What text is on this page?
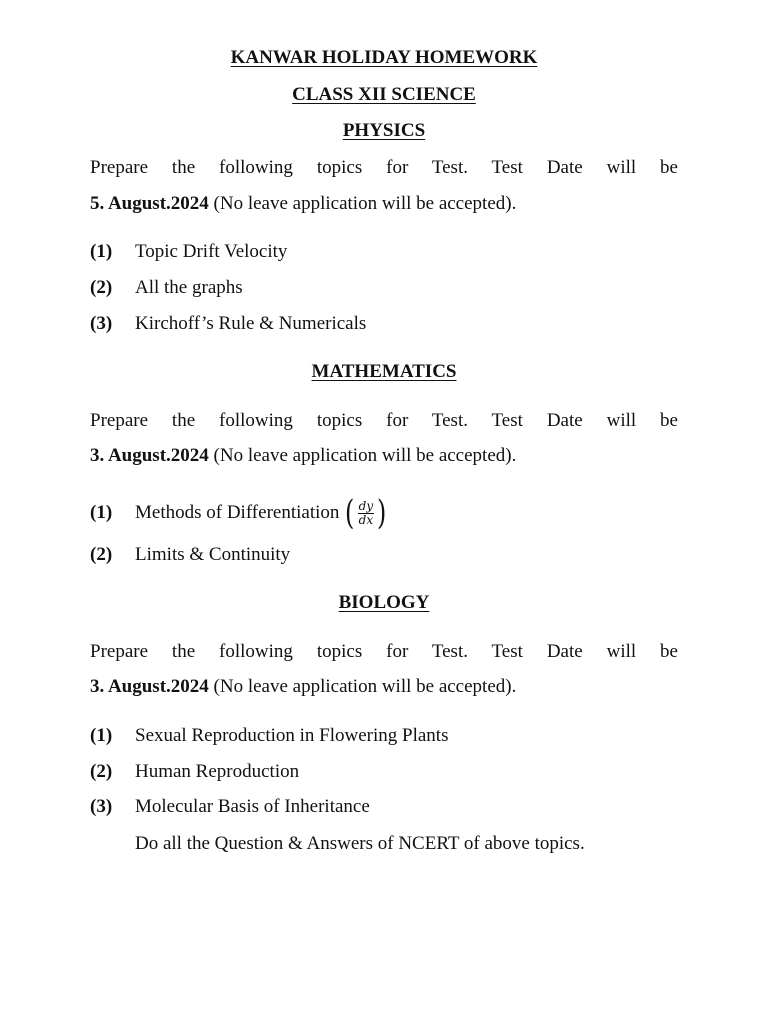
KANWAR HOLIDAY HOMEWORK
CLASS XII SCIENCE
PHYSICS
Prepare the following topics for Test. Test Date will be
5. August.2024 (No leave application will be accepted).
(1)	Topic Drift Velocity
(2)	All the graphs
(3)	Kirchoff’s Rule & Numericals
MATHEMATICS
Prepare the following topics for Test. Test Date will be
3. August.2024 (No leave application will be accepted).
(1)	Methods of Differentiation ( $\frac{dy}{dx}$ )
(2)	Limits & Continuity
BIOLOGY
Prepare the following topics for Test. Test Date will be
3. August.2024 (No leave application will be accepted).
(1)	Sexual Reproduction in Flowering Plants
(2)	Human Reproduction
(3)	Molecular Basis of Inheritance
Do all the Question & Answers of NCERT of above topics.
